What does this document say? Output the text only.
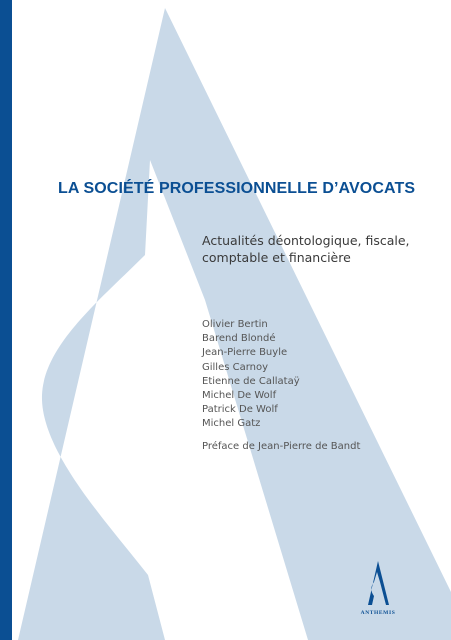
LA SOCIÉTÉ PROFESSIONNELLE D’AVOCATS
Actualités déontologique, fiscale,
comptable et financière
Olivier Bertin
Barend Blondé
Jean-Pierre Buyle
Gilles Carnoy
Etienne de Callataÿ
Michel De Wolf
Patrick De Wolf
Michel Gatz
Préface de Jean-Pierre de Bandt
ANTHEMIS
